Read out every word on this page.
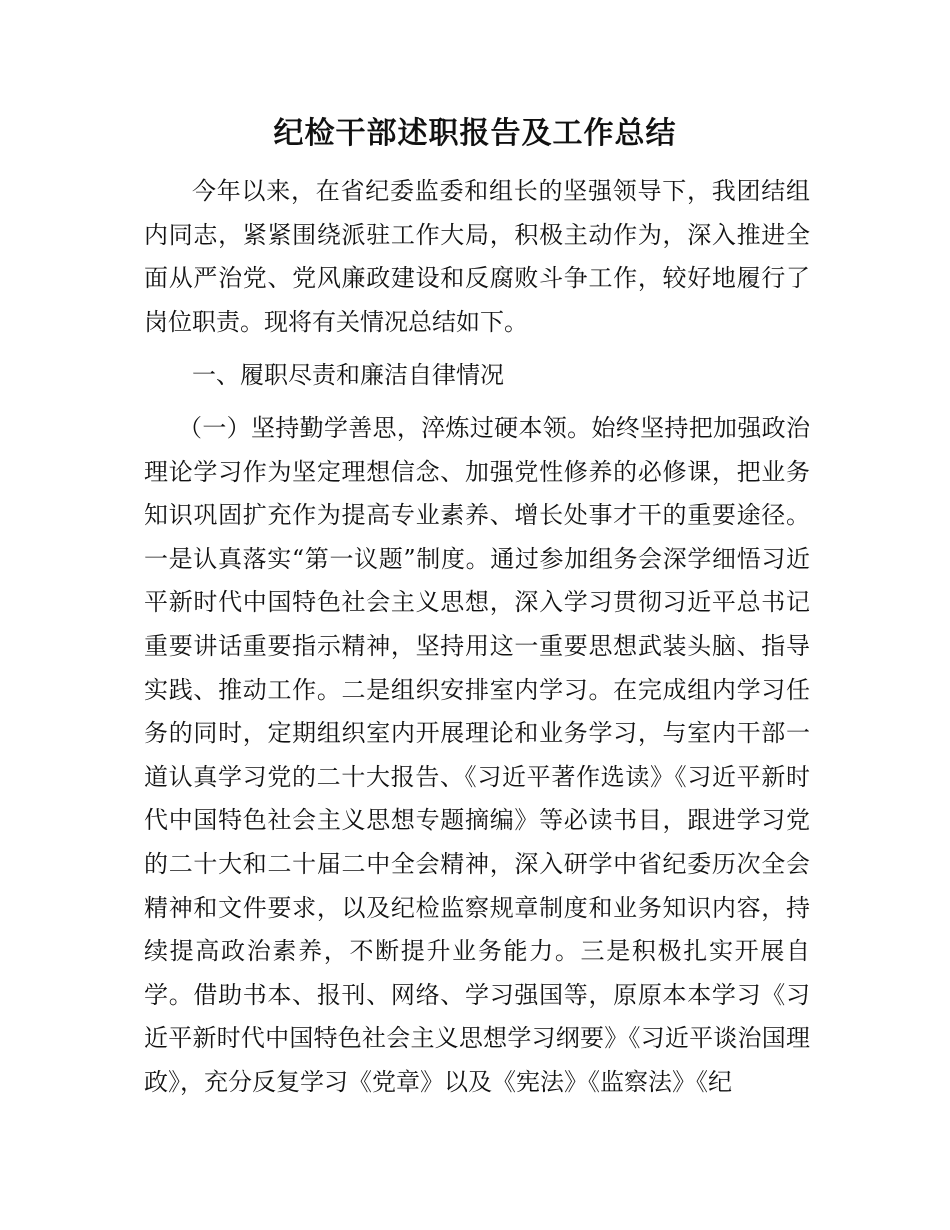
纪检干部述职报告及工作总结

今年以来，在省纪委监委和组长的坚强领导下，我团结组内同志，紧紧围绕派驻工作大局，积极主动作为，深入推进全面从严治党、党风廉政建设和反腐败斗争工作，较好地履行了岗位职责。现将有关情况总结如下。

一、履职尽责和廉洁自律情况

（一）坚持勤学善思，淬炼过硬本领。始终坚持把加强政治理论学习作为坚定理想信念、加强党性修养的必修课，把业务知识巩固扩充作为提高专业素养、增长处事才干的重要途径。一是认真落实“第一议题”制度。通过参加组务会深学细悟习近平新时代中国特色社会主义思想，深入学习贯彻习近平总书记重要讲话重要指示精神，坚持用这一重要思想武装头脑、指导实践、推动工作。二是组织安排室内学习。在完成组内学习任务的同时，定期组织室内开展理论和业务学习，与室内干部一道认真学习党的二十大报告、《习近平著作选读》《习近平新时代中国特色社会主义思想专题摘编》等必读书目，跟进学习党的二十大和二十届二中全会精神，深入研学中省纪委历次全会精神和文件要求，以及纪检监察规章制度和业务知识内容，持续提高政治素养，不断提升业务能力。三是积极扎实开展自学。借助书本、报刊、网络、学习强国等，原原本本学习《习近平新时代中国特色社会主义思想学习纲要》《习近平谈治国理政》，充分反复学习《党章》以及《宪法》《监察法》《纪
